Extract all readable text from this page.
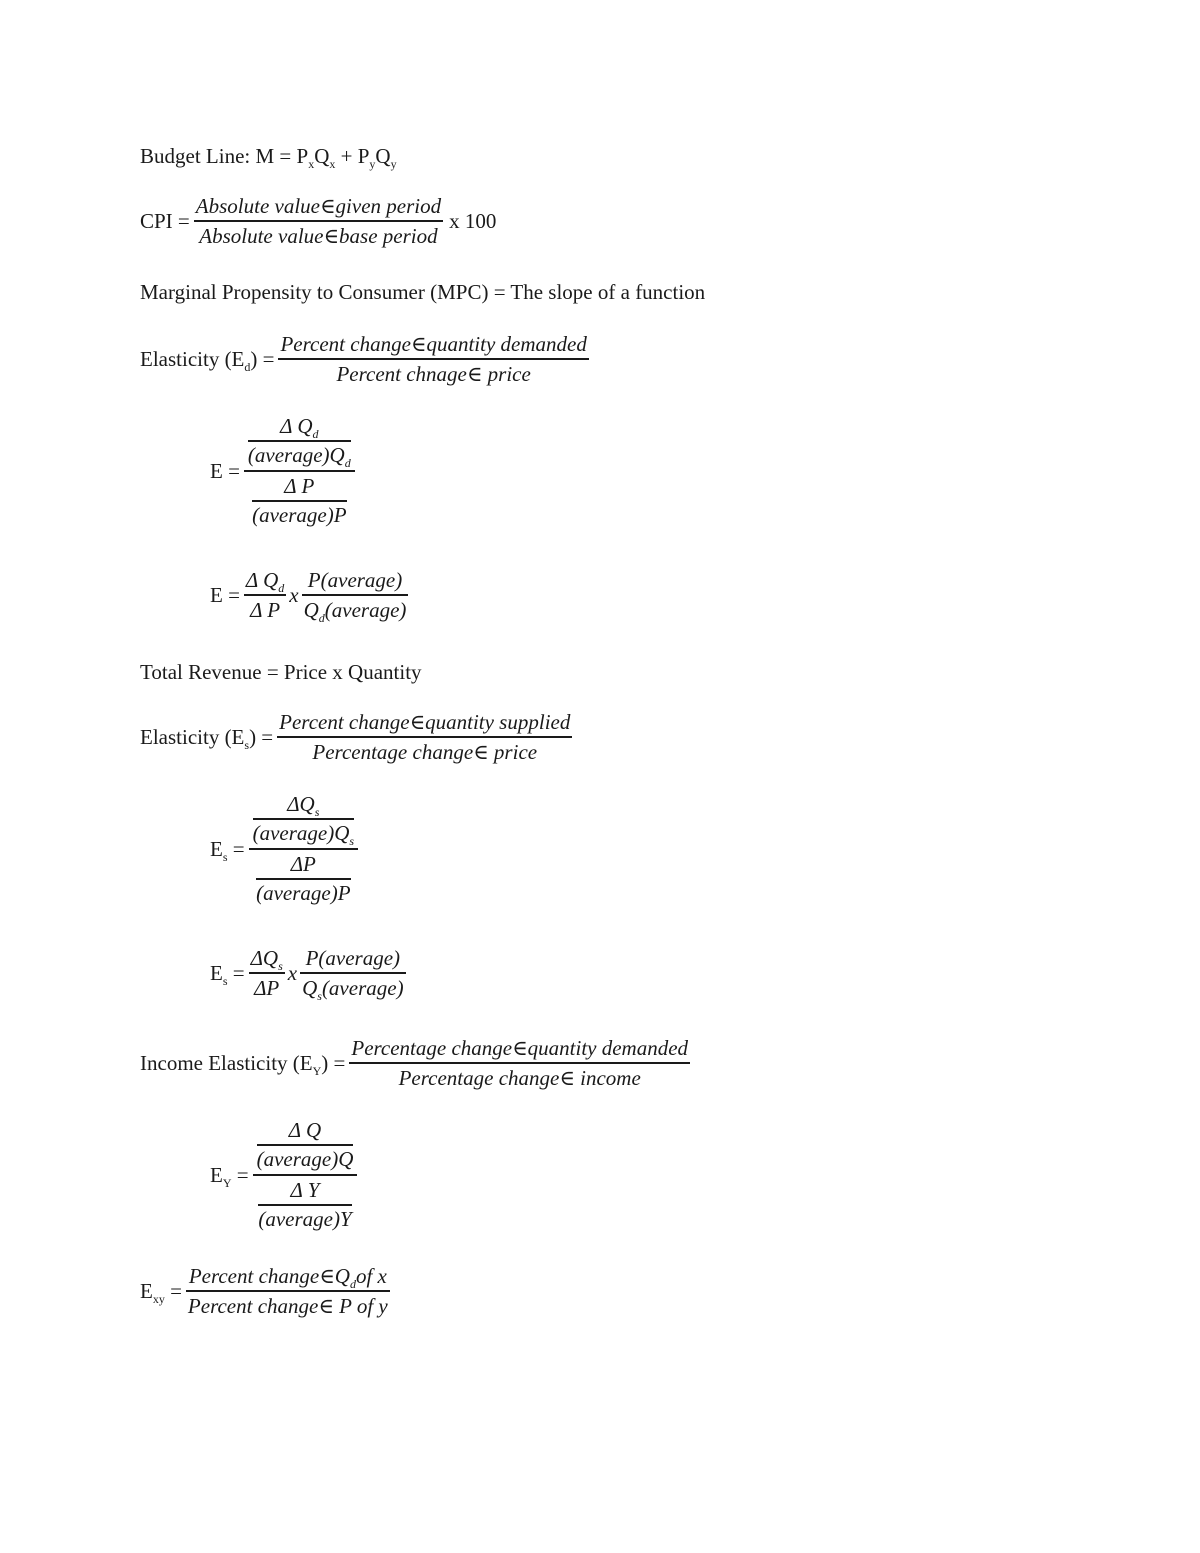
Budget Line: $M = P_xQ_x + P_yQ_y$
CPI = $\frac{\text{Absolute value∈given period}}{\text{Absolute value∈base period}}$ x 100
Marginal Propensity to Consumer (MPC) = The slope of a function
Elasticity $(E_d) = \frac{\text{Percent change∈quantity demanded}}{\text{Percent chnage∈ price}}$
E = Δ $Q_d$
$(average)Q_d$
Δ P
(average)P
$E = \frac{\Delta Q_d}{\text{Δ P}}$ x $\frac{\text{P(average)}}{Q_d(average)}$
Total Revenue = Price x Quantity
Elasticity $(E_s) = \frac{\text{Percent change∈quantity supplied}}{\text{Percentage change∈ price}}$
$E_s = \Delta Q_s$
$(average)Q_s$
ΔP
(average)P
$E_s = \frac{\Delta Q_s}{\Delta P}$ x $\frac{\text{P(average)}}{Q_s(average)}$
Income Elasticity $(E_Y) = \frac{\text{Percentage change∈quantity demanded}}{\text{Percentage change∈ income}}$
$E_Y = \Delta$ Q
(average)Q
Δ Y
(average)Y
$E_{xy} = \frac{Percent change\in Q_dof x}{\text{Percent change∈ P of y}}$
